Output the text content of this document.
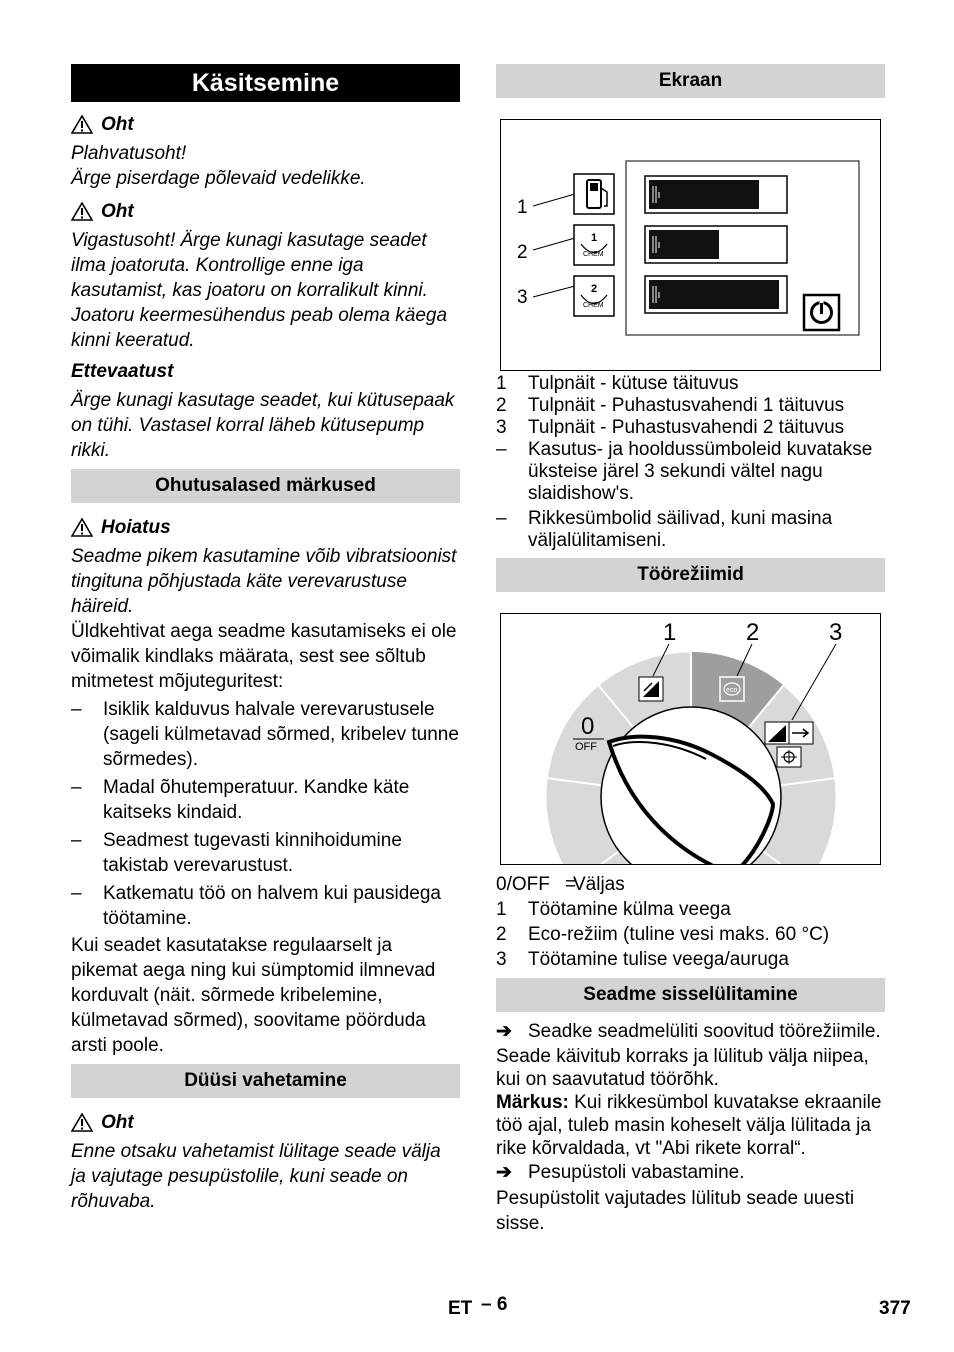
Käsitsemine
Oht

Plahvatusoht!

Ärge piserdage põlevaid vedelikke.

Oht

Vigastusoht! Ärge kunagi kasutage seadet ilma joatoruta. Kontrollige enne iga kasutamist, kas joatoru on korralikult kinni. Joatoru keermesühendus peab olema käega kinni keeratud.

Ettevaatust

Ärge kunagi kasutage seadet, kui kütusepaak on tühi. Vastasel korral läheb kütusepump rikki.

Ohutusalased märkused
Hoiatus

Seadme pikem kasutamine võib vibratsioonist tingituna põhjustada käte verevarustuse häireid.

Üldkehtivat aega seadme kasutamiseks ei ole võimalik kindlaks määrata, sest see sõltub mitmetest mõjuteguritest:

– Isiklik kalduvus halvale verevarustusele (sageli külmetavad sõrmed, kribelev tunne sõrmedes).
– Madal õhutemperatuur. Kandke käte kaitseks kindaid.
– Seadmest tugevasti kinnihoidumine takistab verevarustust.
– Katkematu töö on halvem kui pausidega töötamine.

Kui seadet kasutatakse regulaarselt ja pikemat aega ning kui sümptomid ilmnevad korduvalt (näit. sõrmede kribelemine, külmetavad sõrmed), soovitame pöörduda arsti poole.

Düüsi vahetamine
Oht

Enne otsaku vahetamist lülitage seade välja ja vajutage pesupüstolile, kuni seade on rõhuvaba.

Ekraan
1
2
3
1
CHEM
2
CHEM
1	Tulpnäit - kütuse täituvus
2	Tulpnäit - Puhastusvahendi 1 täituvus
3	Tulpnäit - Puhastusvahendi 2 täituvus
– Kasutus- ja hooldussümboleid kuvatakse üksteise järel 3 sekundi vältel nagu slaidishow's.
– Rikkesümbolid säilivad, kuni masina väljalülitamiseni.
Töörežiimid
1	2	3
0
OFF
eco
0/OFF =
Väljas
1	Töötamine külma veega
2	Eco-režiim (tuline vesi maks. 60 °C)
3	Töötamine tulise veega/auruga
Seadme sisselülitamine
➔ Seadke seadmelüliti soovitud töörežiimile.

Seade käivitub korraks ja lülitub välja niipea, kui on saavutatud töörõhk.

Märkus: Kui rikkesümbol kuvatakse ekraanile töö ajal, tuleb masin koheselt välja lülitada ja rike kõrvaldada, vt "Abi rikete korral“.

➔ Pesupüstoli vabastamine.

Pesupüstolit vajutades lülitub seade uuesti sisse.

ET – 6	377
